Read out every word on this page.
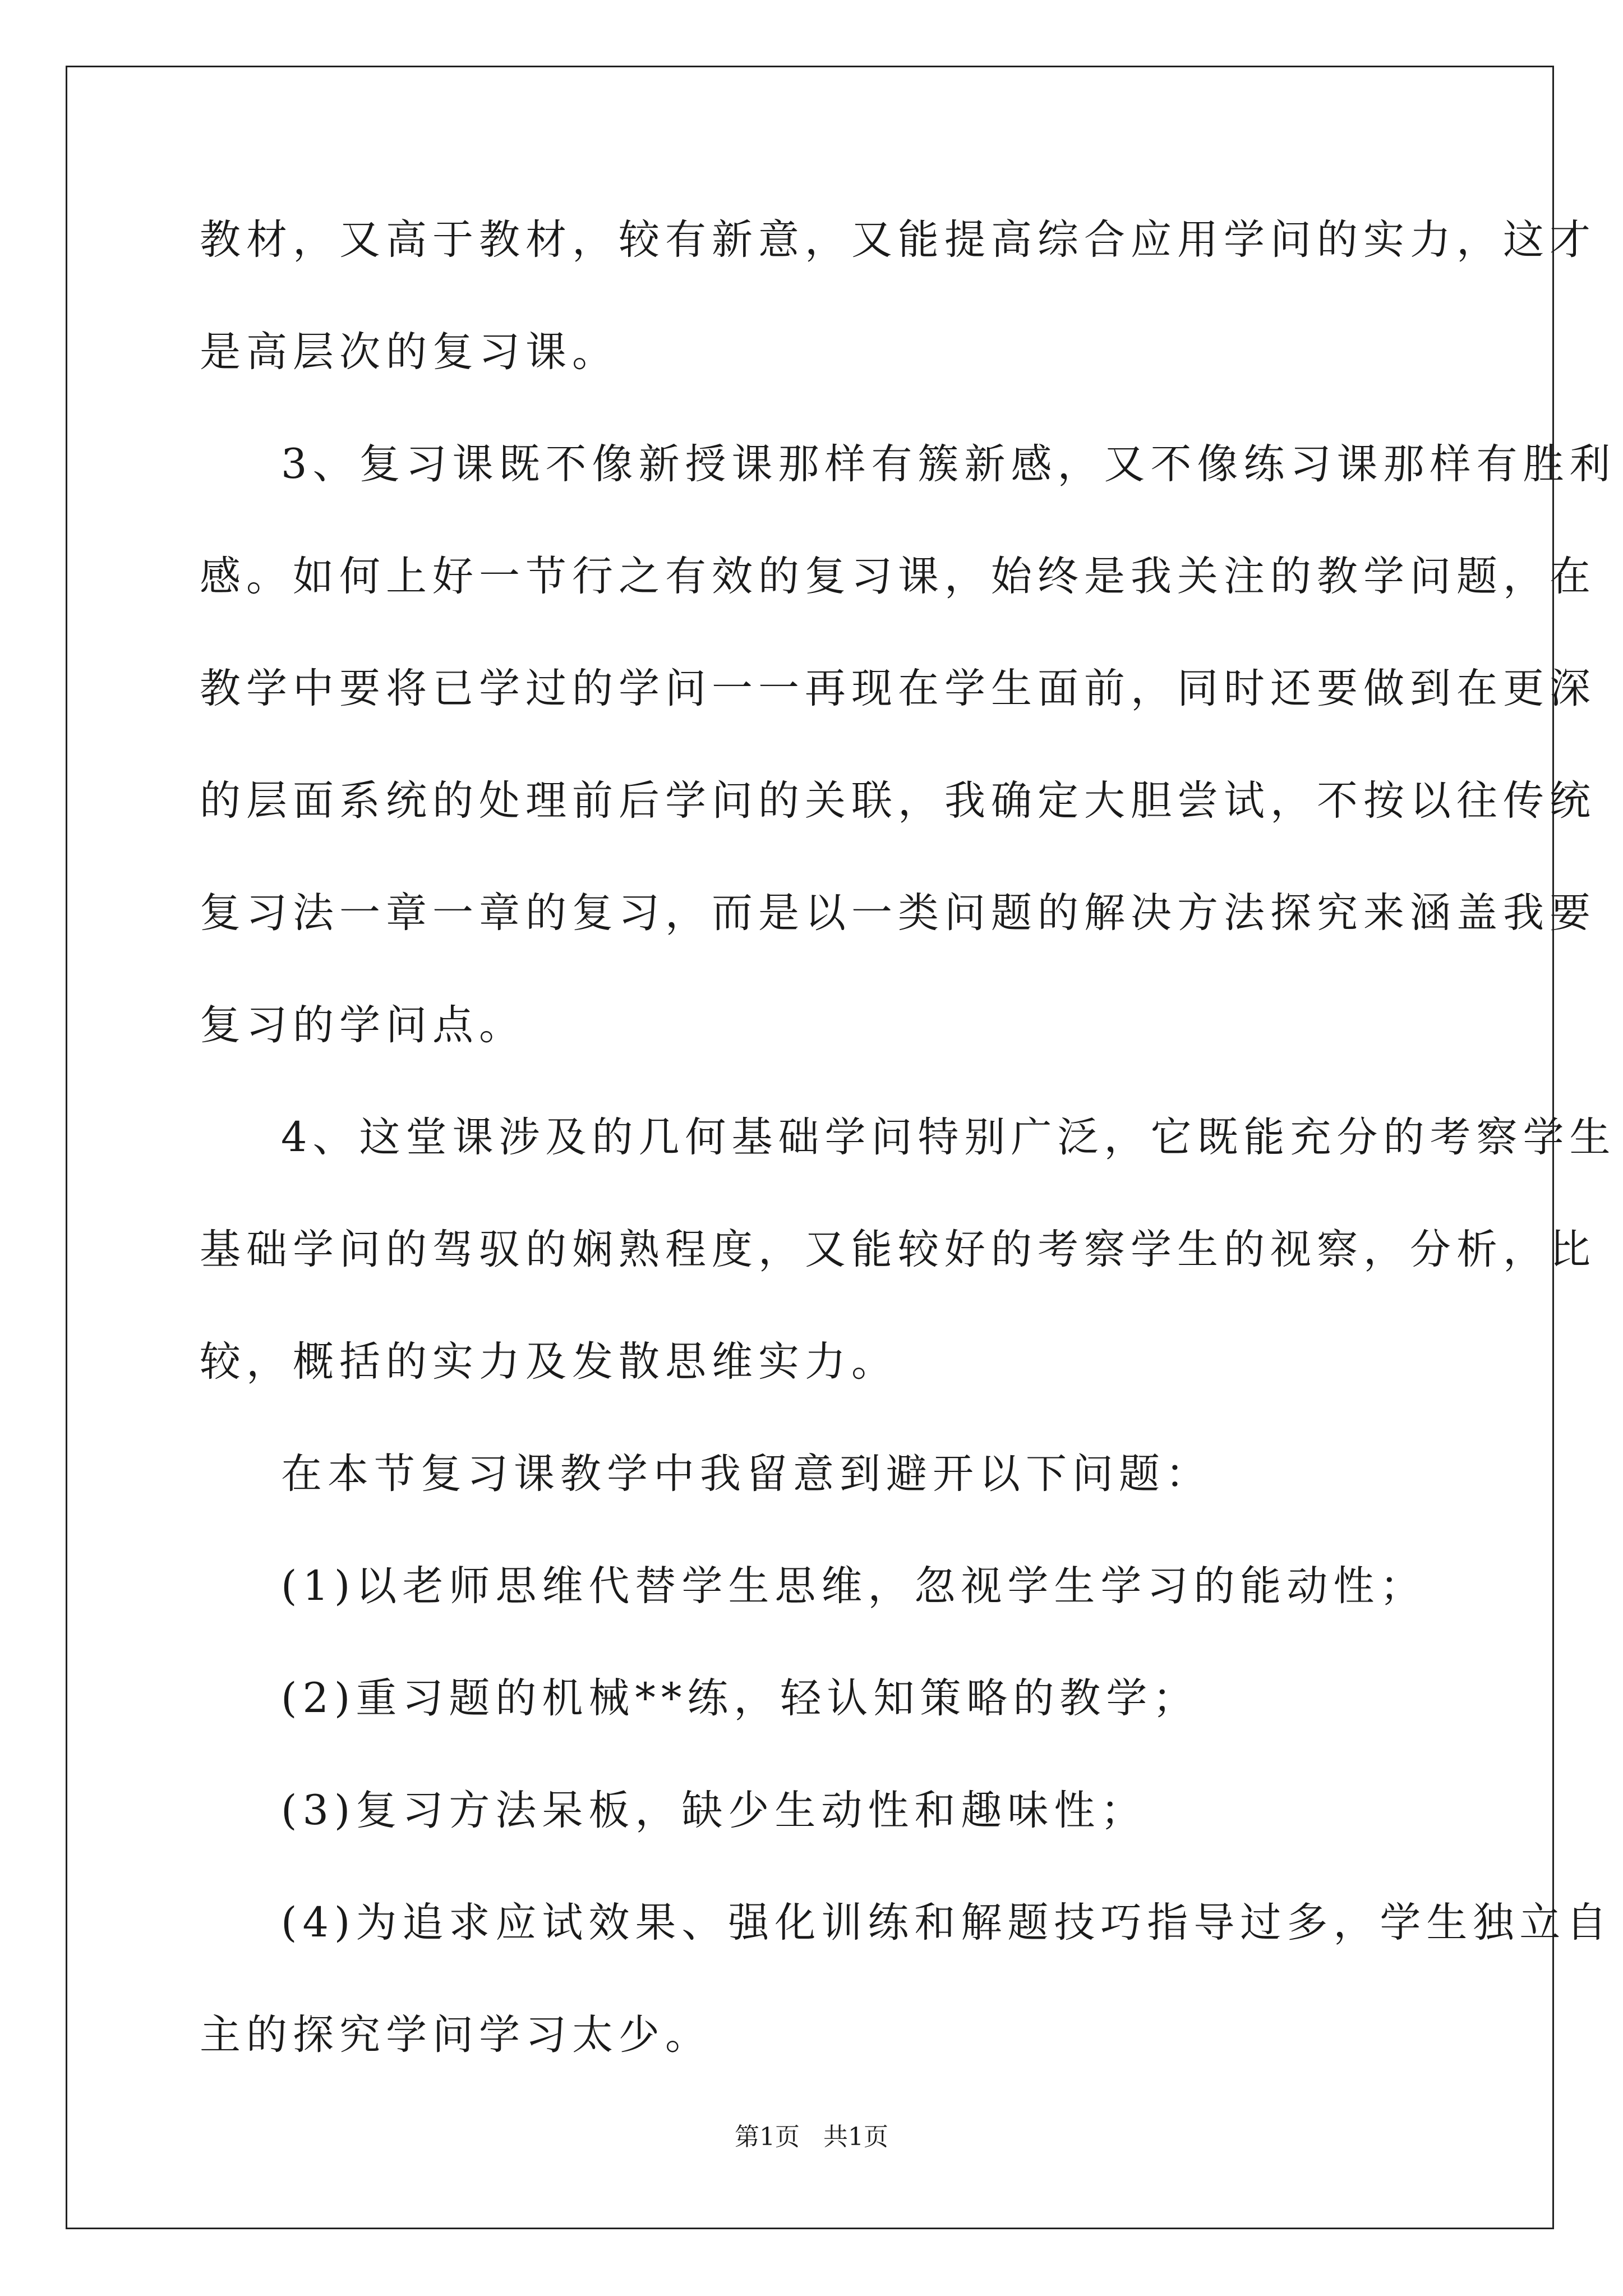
教材，又高于教材，较有新意，又能提高综合应用学问的实力，这才
是高层次的复习课。
3、复习课既不像新授课那样有簇新感，又不像练习课那样有胜利
感。如何上好一节行之有效的复习课，始终是我关注的教学问题，在
教学中要将已学过的学问一一再现在学生面前，同时还要做到在更深
的层面系统的处理前后学问的关联，我确定大胆尝试，不按以往传统
复习法一章一章的复习，而是以一类问题的解决方法探究来涵盖我要
复习的学问点。
4、这堂课涉及的几何基础学问特别广泛，它既能充分的考察学生
基础学问的驾驭的娴熟程度，又能较好的考察学生的视察，分析，比
较，概括的实力及发散思维实力。
在本节复习课教学中我留意到避开以下问题：
(1)以老师思维代替学生思维，忽视学生学习的能动性；
(2)重习题的机械**练，轻认知策略的教学；
(3)复习方法呆板，缺少生动性和趣味性；
(4)为追求应试效果、强化训练和解题技巧指导过多，学生独立自
主的探究学问学习太少。
第1页 共1页
